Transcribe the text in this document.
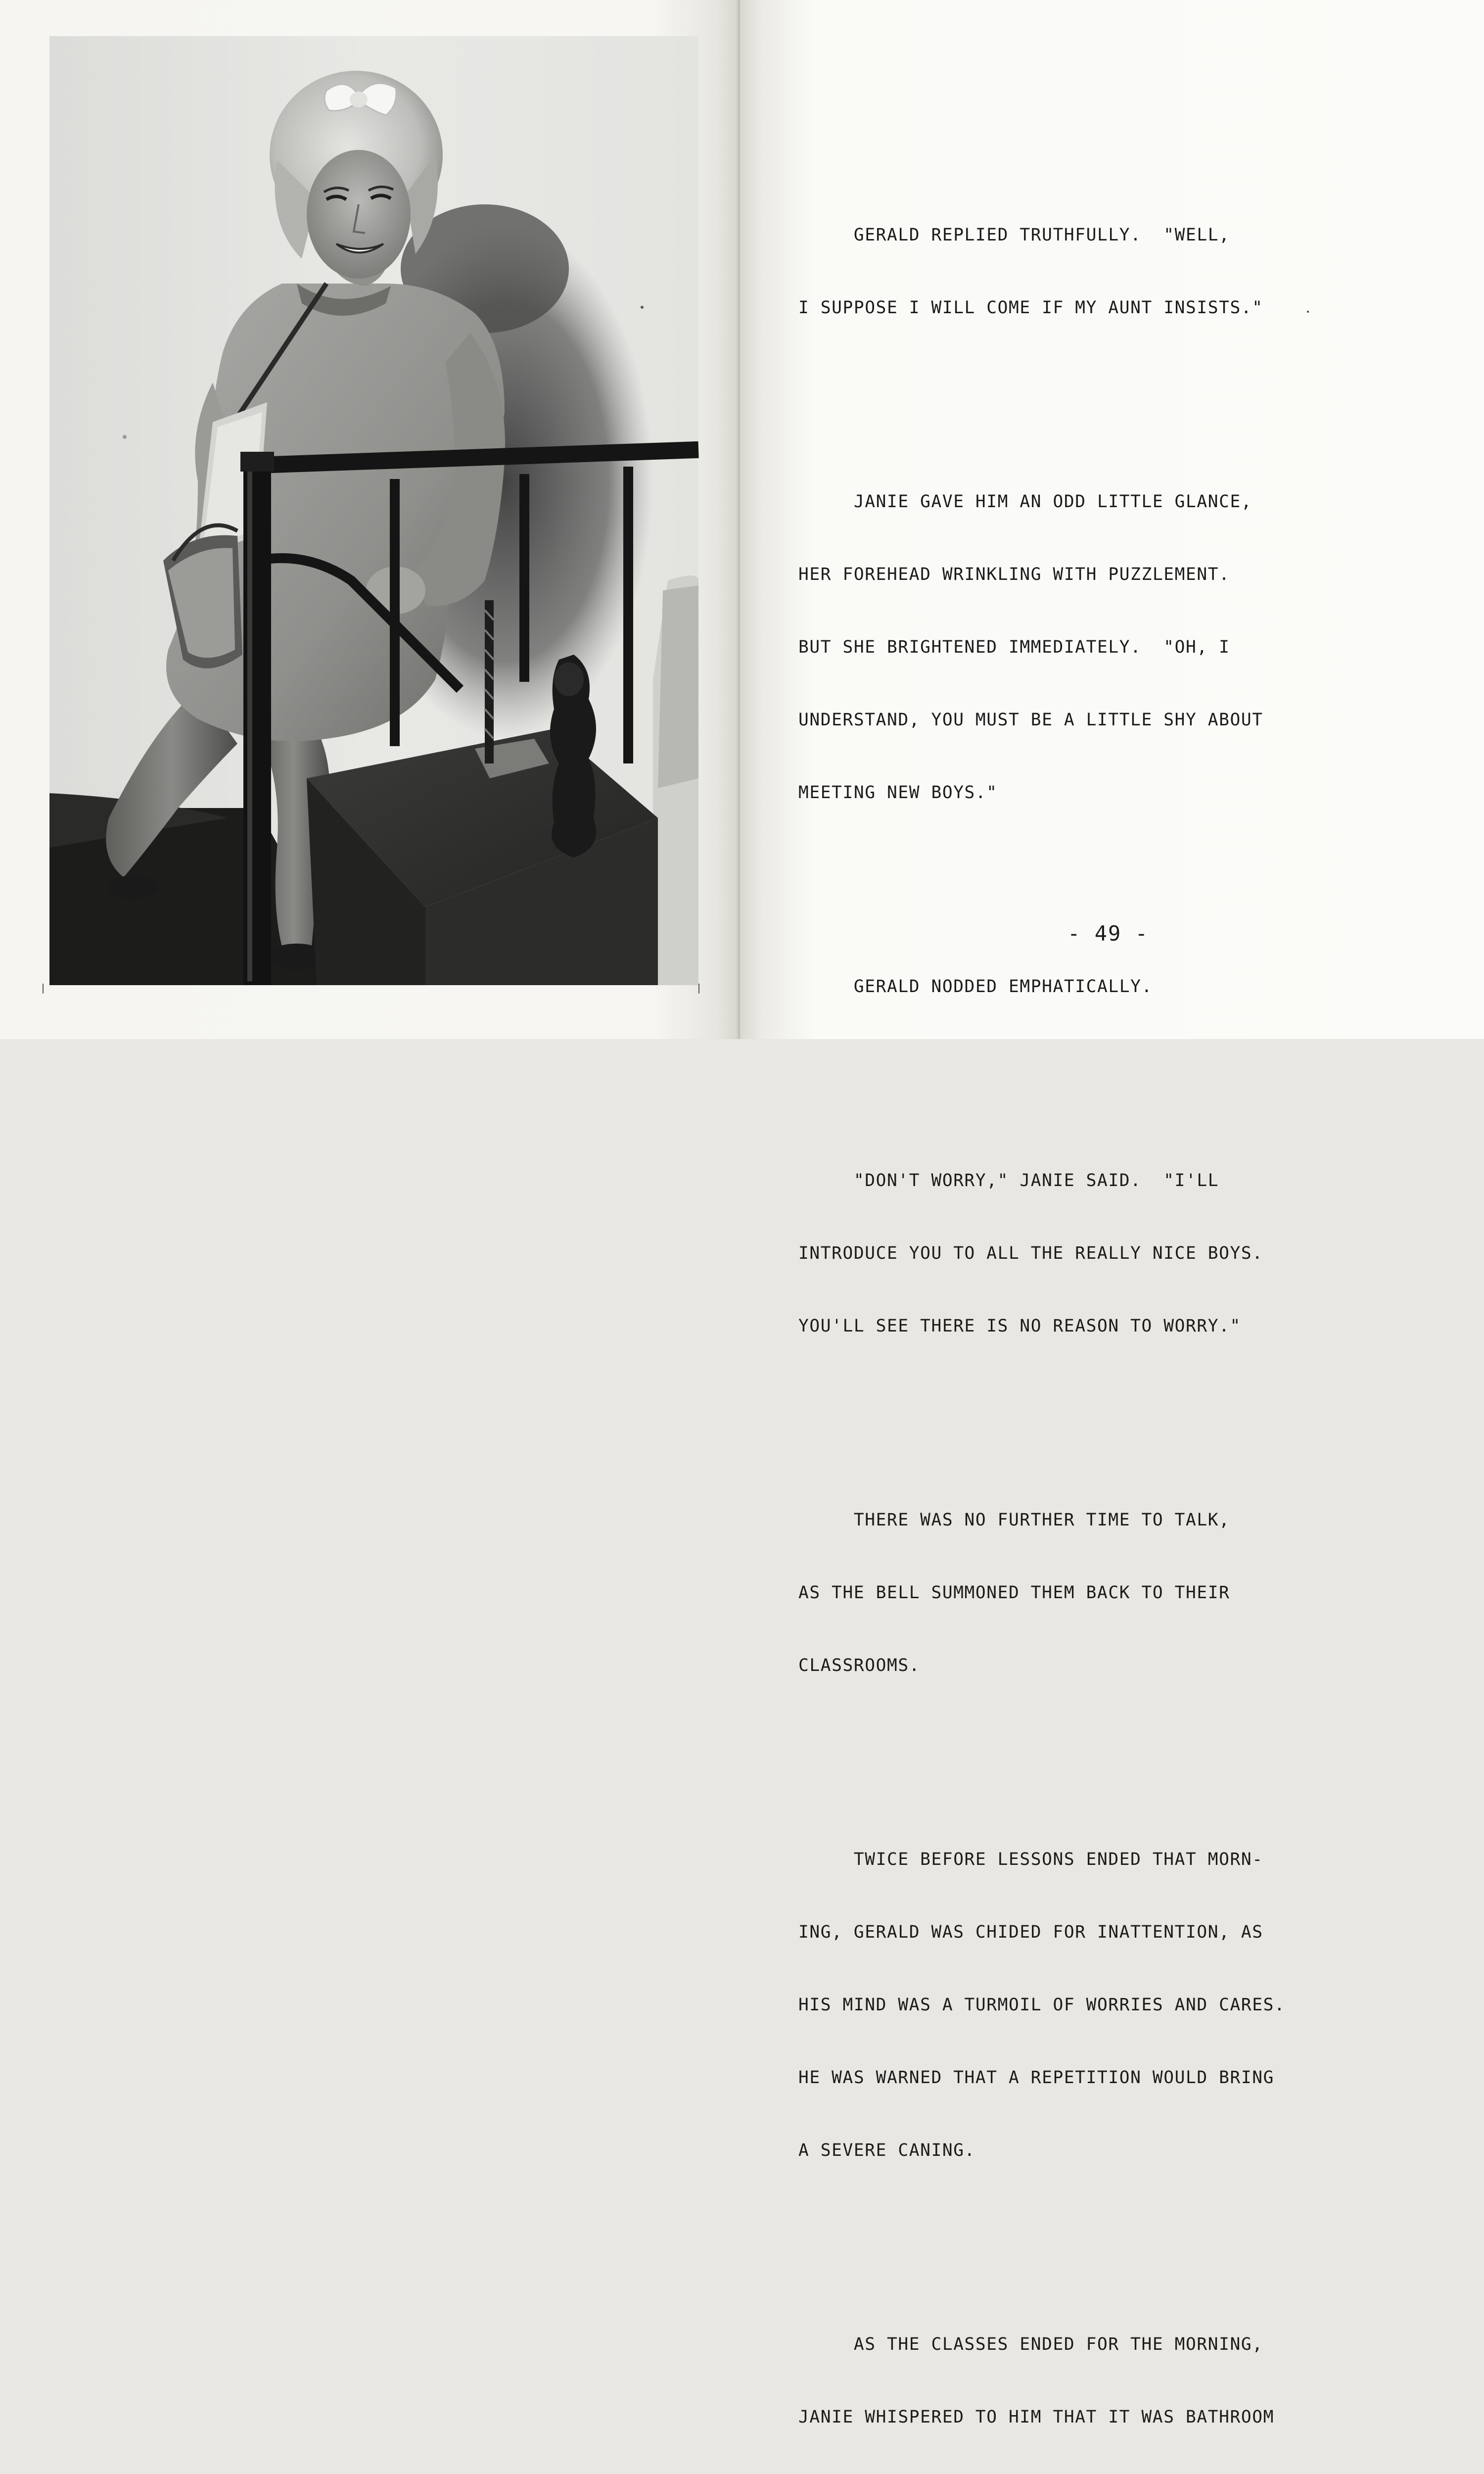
GERALD REPLIED TRUTHFULLY.  "WELL,

I SUPPOSE I WILL COME IF MY AUNT INSISTS."

JANIE GAVE HIM AN ODD LITTLE GLANCE,

HER FOREHEAD WRINKLING WITH PUZZLEMENT.

BUT SHE BRIGHTENED IMMEDIATELY.  "OH, I

UNDERSTAND, YOU MUST BE A LITTLE SHY ABOUT

MEETING NEW BOYS."

GERALD NODDED EMPHATICALLY.

"DON'T WORRY," JANIE SAID.  "I'LL

INTRODUCE YOU TO ALL THE REALLY NICE BOYS.

YOU'LL SEE THERE IS NO REASON TO WORRY."

THERE WAS NO FURTHER TIME TO TALK,

AS THE BELL SUMMONED THEM BACK TO THEIR

CLASSROOMS.

TWICE BEFORE LESSONS ENDED THAT MORN-

ING, GERALD WAS CHIDED FOR INATTENTION, AS

HIS MIND WAS A TURMOIL OF WORRIES AND CARES.

HE WAS WARNED THAT A REPETITION WOULD BRING

A SEVERE CANING.

AS THE CLASSES ENDED FOR THE MORNING,

JANIE WHISPERED TO HIM THAT IT WAS BATHROOM

- 49 -
